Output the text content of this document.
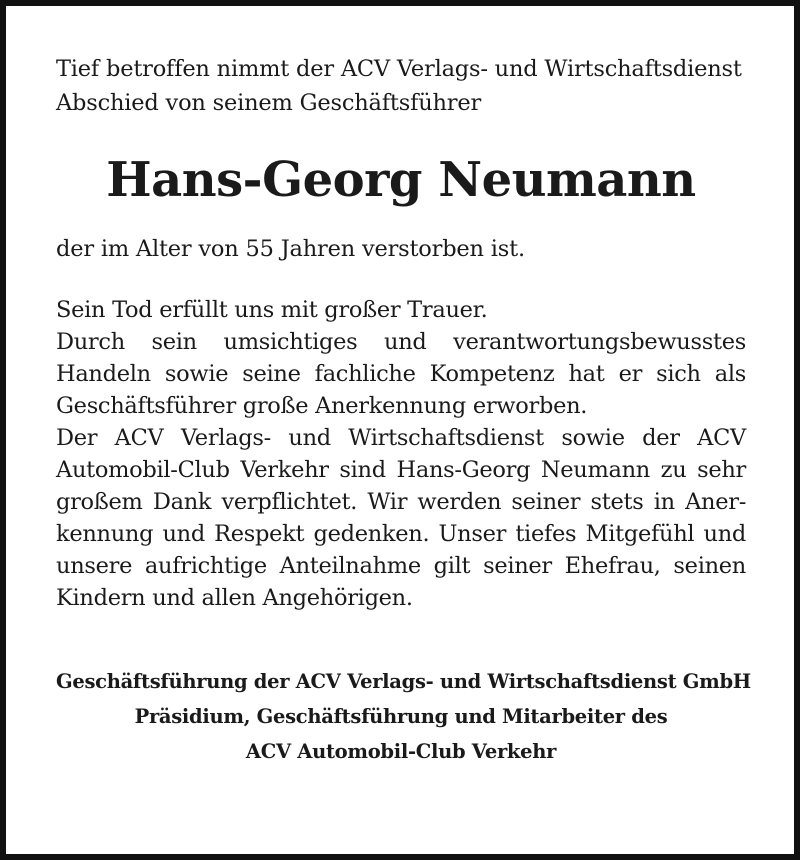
Tief betroffen nimmt der ACV Verlags- und Wirtschaftsdienst
Abschied von seinem Geschäftsführer

Hans-Georg Neumann

der im Alter von 55 Jahren verstorben ist.

Sein Tod erfüllt uns mit großer Trauer.
Durch sein umsichtiges und verantwortungsbewusstes
Handeln sowie seine fachliche Kompetenz hat er sich als
Geschäftsführer große Anerkennung erworben.
Der ACV Verlags- und Wirtschaftsdienst sowie der ACV
Automobil-Club Verkehr sind Hans-Georg Neumann zu sehr
großem Dank verpflichtet. Wir werden seiner stets in Aner-
kennung und Respekt gedenken. Unser tiefes Mitgefühl und
unsere aufrichtige Anteilnahme gilt seiner Ehefrau, seinen
Kindern und allen Angehörigen.

Geschäftsführung der ACV Verlags- und Wirtschaftsdienst GmbH
Präsidium, Geschäftsführung und Mitarbeiter des
ACV Automobil-Club Verkehr
